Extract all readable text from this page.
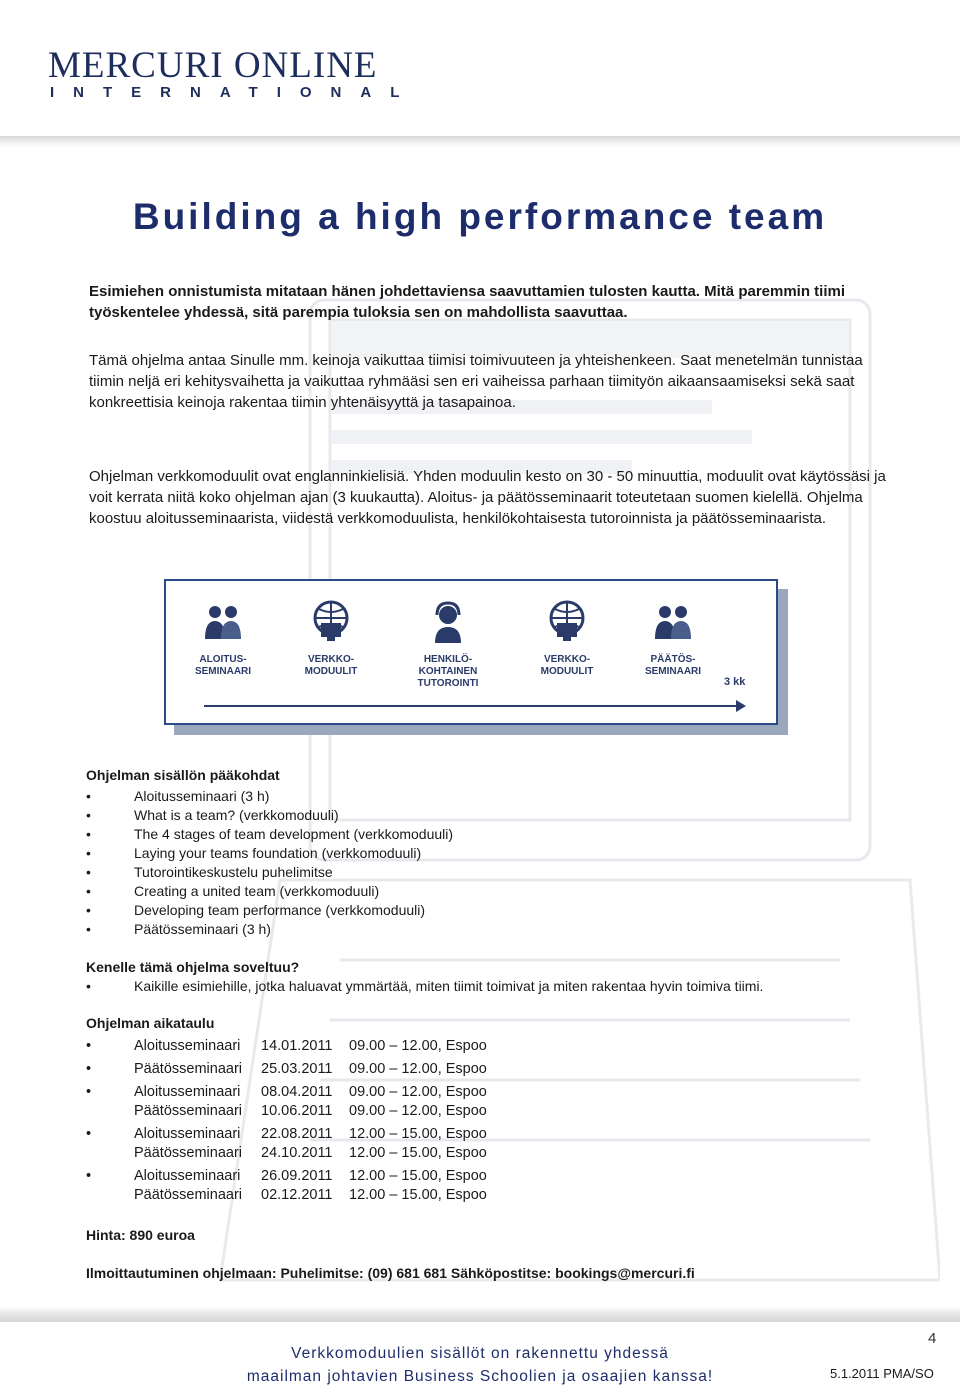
MERCURI ONLINE
INTERNATIONAL
Building a high performance team
Esimiehen onnistumista mitataan hänen johdettaviensa saavuttamien tulosten kautta. Mitä paremmin tiimi työskentelee yhdessä, sitä parempia tuloksia sen on mahdollista saavuttaa.
Tämä ohjelma antaa Sinulle mm. keinoja vaikuttaa tiimisi toimivuuteen ja yhteishenkeen. Saat menetelmän tunnistaa tiimin neljä eri kehitysvaihetta ja vaikuttaa ryhmääsi sen eri vaiheissa parhaan tiimityön aikaansaamiseksi sekä saat konkreettisia keinoja rakentaa tiimin yhtenäisyyttä ja tasapainoa.
Ohjelman verkkomoduulit ovat englanninkielisiä. Yhden moduulin kesto on 30 - 50 minuuttia, moduulit ovat käytössäsi ja voit kerrata niitä koko ohjelman ajan (3 kuukautta). Aloitus- ja päätösseminaarit toteutetaan suomen kielellä. Ohjelma koostuu aloitusseminaarista, viidestä verkkomoduulista, henkilökohtaisesta tutoroinnista ja päätösseminaarista.
ALOITUS-
SEMINAARI
VERKKO-
MODUULIT
HENKILÖ-
KOHTAINEN
TUTOROINTI
VERKKO-
MODUULIT
PÄÄTÖS-
SEMINAARI
3 kk
Ohjelman sisällön pääkohdat
•	Aloitusseminaari (3 h)
•	What is a team? (verkkomoduuli)
•	The 4 stages of team development (verkkomoduuli)
•	Laying your teams foundation (verkkomoduuli)
•	Tutorointikeskustelu puhelimitse
•	Creating a united team (verkkomoduuli)
•	Developing team performance (verkkomoduuli)
•	Päätösseminaari (3 h)
Kenelle tämä ohjelma soveltuu?
•	Kaikille esimiehille, jotka haluavat ymmärtää, miten tiimit toimivat ja miten rakentaa hyvin toimiva tiimi.
Ohjelman aikataulu
•	Aloitusseminaari 14.01.2011 09.00 – 12.00, Espoo
•	Päätösseminaari 25.03.2011 09.00 – 12.00, Espoo
•	Aloitusseminaari 08.04.2011 09.00 – 12.00, Espoo
Päätösseminaari 10.06.2011 09.00 – 12.00, Espoo
•	Aloitusseminaari 22.08.2011 12.00 – 15.00, Espoo
Päätösseminaari 24.10.2011 12.00 – 15.00, Espoo
•	Aloitusseminaari 26.09.2011 12.00 – 15.00, Espoo
Päätösseminaari 02.12.2011 12.00 – 15.00, Espoo
Hinta: 890 euroa
Ilmoittautuminen ohjelmaan: Puhelimitse: (09) 681 681 Sähköpostitse: bookings@mercuri.fi
Verkkomoduulien sisällöt on rakennettu yhdessä
maailman johtavien Business Schoolien ja osaajien kanssa!
4
5.1.2011 PMA/SO
